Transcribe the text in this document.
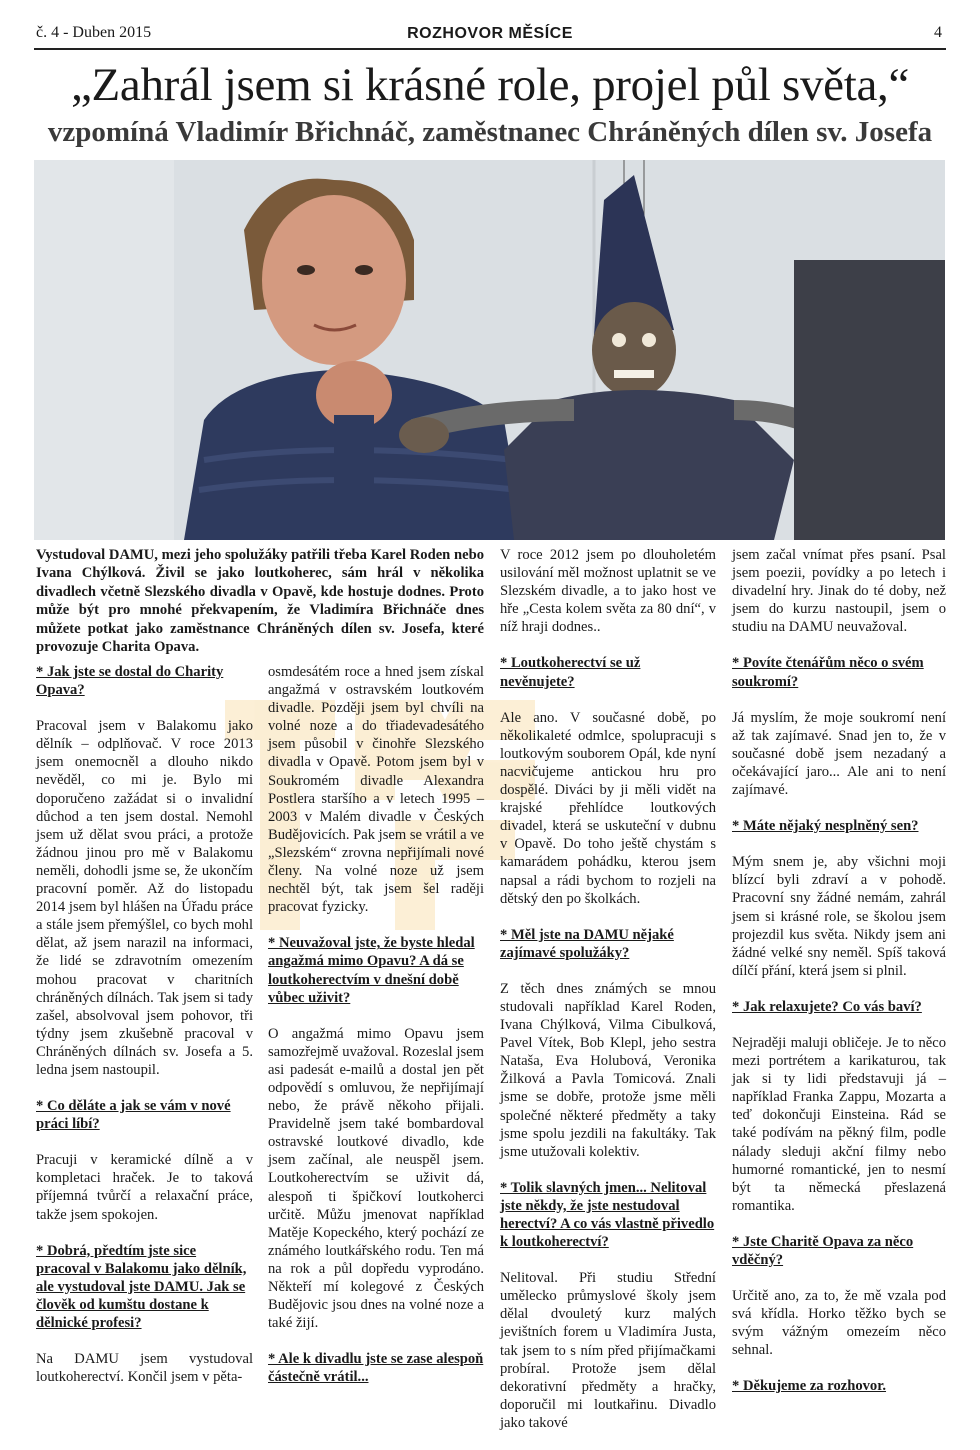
č. 4 - Duben 2015	ROZHOVOR MĚSÍCE	4
„Zahrál jsem si krásné role, projel půl světa,“
vzpomíná Vladimír Břichnáč, zaměstnanec Chráněných dílen sv. Josefa
Vystudoval DAMU, mezi jeho spolužáky patřili třeba Karel Roden nebo Ivana Chýlková. Živil se jako loutkoherec, sám hrál v několika divadlech včetně Slezského divadla v Opavě, kde hostuje dodnes. Proto může být pro mnohé překvapením, že Vladimíra Břichnáče dnes můžete potkat jako zaměstnance Chráněných dílen sv. Josefa, které provozuje Charita Opava.

* Jak jste se dostal do Charity Opava?

Pracoval jsem v Balakomu jako dělník – odplňovač. V roce 2013 jsem onemocněl a dlouho nikdo nevěděl, co mi je. Bylo mi doporučeno zažádat si o invalidní důchod a ten jsem dostal. Nemohl jsem už dělat svou práci, a protože žádnou jinou pro mě v Balakomu neměli, dohodli jsme se, že ukončím pracovní poměr. Až do listopadu 2014 jsem byl hlášen na Úřadu práce a stále jsem přemýšlel, co bych mohl dělat, až jsem narazil na informaci, že lidé se zdravotním omezením mohou pracovat v charitních chráněných dílnách. Tak jsem si tady zašel, absolvoval jsem pohovor, tři týdny jsem zkušebně pracoval v Chráněných dílnách sv. Josefa a 5. ledna jsem nastoupil.

* Co děláte a jak se vám v nové práci líbí?

Pracuji v keramické dílně a v kompletaci hraček. Je to taková příjemná tvůrčí a relaxační práce, takže jsem spokojen.

* Dobrá, předtím jste sice pracoval v Balakomu jako dělník, ale vystudoval jste DAMU. Jak se člověk od kumštu dostane k dělnické profesi?

Na DAMU jsem vystudoval loutkoherectví. Končil jsem v pěta-

osmdesátém roce a hned jsem získal angažmá v ostravském loutkovém divadle. Později jsem byl chvíli na volné noze a do třiadevadesátého jsem působil v činohře Slezského divadla v Opavě. Potom jsem byl v Soukromém divadle Alexandra Postlera staršího a v letech 1995 – 2003 v Malém divadle v Českých Budějovicích. Pak jsem se vrátil a ve „Slezském“ zrovna nepřijímali nové členy. Na volné noze už jsem nechtěl být, tak jsem šel raději pracovat fyzicky.

* Neuvažoval jste, že byste hledal angažmá mimo Opavu? A dá se loutkoherectvím v dnešní době vůbec uživit?

O angažmá mimo Opavu jsem samozřejmě uvažoval. Rozeslal jsem asi padesát e-mailů a dostal jen pět odpovědí s omluvou, že nepřijímají nebo, že právě někoho přijali. Pravidelně jsem také bombardoval ostravské loutkové divadlo, kde jsem začínal, ale neuspěl jsem. Loutkoherectvím se uživit dá, alespoň ti špičkoví loutkoherci určitě. Můžu jmenovat například Matěje Kopeckého, který pochází ze známého loutkářského rodu. Ten má na rok a půl dopředu vyprodáno. Někteří mí kolegové z Českých Budějovic jsou dnes na volné noze a také žijí.

* Ale k divadlu jste se zase alespoň částečně vrátil...

V roce 2012 jsem po dlouholetém usilování měl možnost uplatnit se ve Slezském divadle, a to jako host ve hře „Cesta kolem světa za 80 dní“, v níž hraji dodnes..

* Loutkoherectví se už nevěnujete?

Ale ano. V současné době, po několikaleté odmlce, spolupracuji s loutkovým souborem Opál, kde nyní nacvičujeme antickou hru pro dospělé. Diváci by ji měli vidět na krajské přehlídce loutkových divadel, která se uskuteční v dubnu v Opavě. Do toho ještě chystám s kamarádem pohádku, kterou jsem napsal a rádi bychom to rozjeli na dětský den po školkách.

* Měl jste na DAMU nějaké zajímavé spolužáky?

Z těch dnes známých se mnou studovali například Karel Roden, Ivana Chýlková, Vilma Cibulková, Pavel Vítek, Bob Klepl, jeho sestra Nataša, Eva Holubová, Veronika Žilková a Pavla Tomicová. Znali jsme se dobře, protože jsme měli společné některé předměty a taky jsme spolu jezdili na fakultáky. Tak jsme utužovali kolektiv.

* Tolik slavných jmen... Nelitoval jste někdy, že jste nestudoval herectví? A co vás vlastně přivedlo k loutkoherectví?

Nelitoval. Při studiu Střední umělecko průmyslové školy jsem dělal dvouletý kurz malých jevištních forem u Vladimíra Justa, tak jsem to s ním před přijímačkami probíral. Protože jsem dělal dekorativní předměty a hračky, doporučil mi loutkařinu. Divadlo jako takové

jsem začal vnímat přes psaní. Psal jsem poezii, povídky a po letech i divadelní hry. Jinak do té doby, než jsem do kurzu nastoupil, jsem o studiu na DAMU neuvažoval.

* Povíte čtenářům něco o svém soukromí?

Já myslím, že moje soukromí není až tak zajímavé. Snad jen to, že v současné době jsem nezadaný a očekávající jaro... Ale ani to není zajímavé.

* Máte nějaký nesplněný sen?

Mým snem je, aby všichni moji blízcí byli zdraví a v pohodě. Pracovní sny žádné nemám, zahrál jsem si krásné role, se školou jsem projezdil kus světa. Nikdy jsem ani žádné velké sny neměl. Spíš taková dílčí přání, která jsem si plnil.

* Jak relaxujete? Co vás baví?

Nejraději maluji obličeje. Je to něco mezi portrétem a karikaturou, tak jak si ty lidi představuji já – například Franka Zappu, Mozarta a teď dokončuji Einsteina. Rád se také podívám na pěkný film, podle nálady sleduji akční filmy nebo humorné romantické, jen to nesmí být ta německá přeslazená romantika.

* Jste Charitě Opava za něco vděčný?

Určitě ano, za to, že mě vzala pod svá křídla. Horko těžko bych se svým vážným omezeím něco sehnal.

* Děkujeme za rozhovor.
